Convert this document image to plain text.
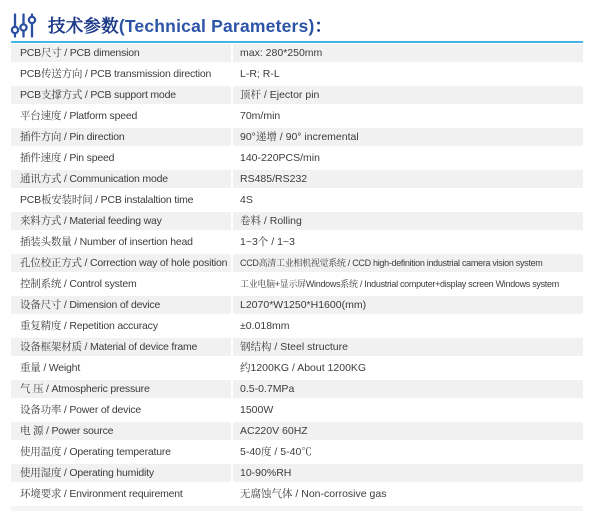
技术参数(Technical Parameters)：
PCB尺寸 / PCB dimension	max: 280*250mm
PCB传送方向 / PCB transmission direction	L-R; R-L
PCB支撑方式 / PCB support mode	顶杆 / Ejector pin
平台速度 / Platform speed	70m/min
插件方向 / Pin direction	90°递增 / 90° incremental
插件速度 / Pin speed	140-220PCS/min
通讯方式 / Communication mode	RS485/RS232
PCB板安装时间 / PCB instalaltion time	4S
来料方式 / Material feeding way	卷料 / Rolling
插装头数量 / Number of insertion head	1~3个 / 1~3
孔位校正方式 / Correction way of hole position	CCD高清工业相机视觉系统 / CCD high-definition industrial camera vision system
控制系统 / Control system	工业电脑+显示屏Windows系统 / Industrial computer+display screen Windows system
设备尺寸 / Dimension of device	L2070*W1250*H1600(mm)
重复精度 / Repetition accuracy	±0.018mm
设备框架材质 / Material of device frame	钢结构 / Steel structure
重量 / Weight	约1200KG / About 1200KG
气 压 / Atmospheric pressure	0.5-0.7MPa
设备功率 / Power of device	1500W
电 源 / Power source	AC220V 60HZ
使用温度 / Operating temperature	5-40度 / 5-40℃
使用湿度 / Operating humidity	10-90%RH
环境要求 / Environment requirement	无腐蚀气体 / Non-corrosive gas
